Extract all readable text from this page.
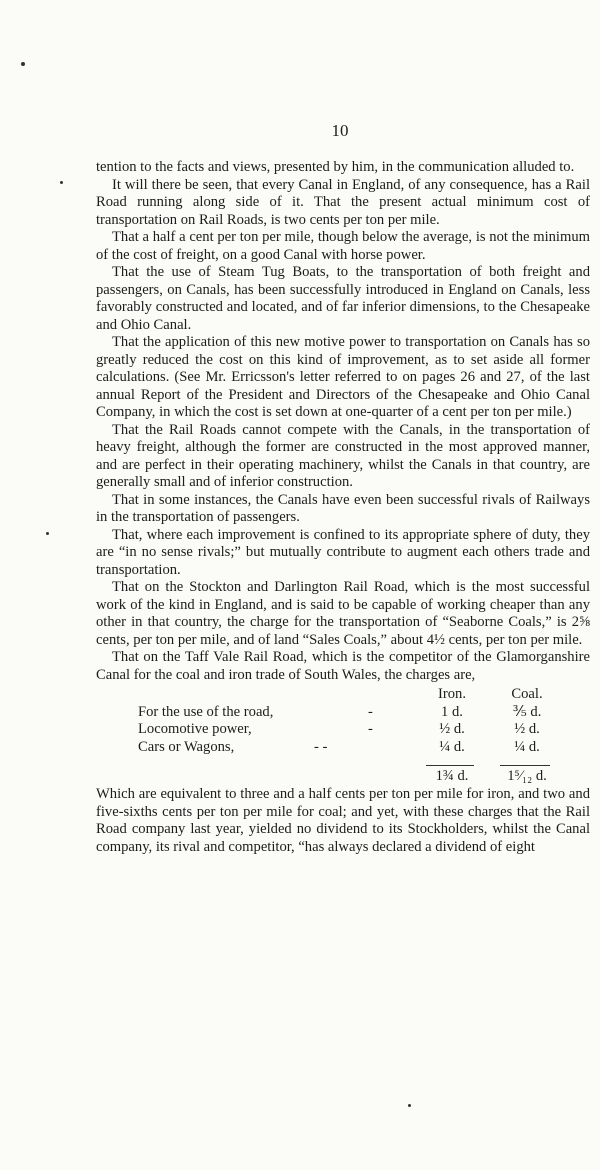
10

tention to the facts and views, presented by him, in the communication alluded to.

It will there be seen, that every Canal in England, of any consequence, has a Rail Road running along side of it. That the present actual minimum cost of transportation on Rail Roads, is two cents per ton per mile.

That a half a cent per ton per mile, though below the average, is not the minimum of the cost of freight, on a good Canal with horse power.

That the use of Steam Tug Boats, to the transportation of both freight and passengers, on Canals, has been successfully introduced in England on Canals, less favorably constructed and located, and of far inferior dimensions, to the Chesapeake and Ohio Canal.

That the application of this new motive power to transportation on Canals has so greatly reduced the cost on this kind of improvement, as to set aside all former calculations. (See Mr. Erricsson's letter referred to on pages 26 and 27, of the last annual Report of the President and Directors of the Chesapeake and Ohio Canal Company, in which the cost is set down at one-quarter of a cent per ton per mile.)

That the Rail Roads cannot compete with the Canals, in the transportation of heavy freight, although the former are constructed in the most approved manner, and are perfect in their operating machinery, whilst the Canals in that country, are generally small and of inferior construction.

That in some instances, the Canals have even been successful rivals of Railways in the transportation of passengers.

That, where each improvement is confined to its appropriate sphere of duty, they are “in no sense rivals;” but mutually contribute to augment each others trade and transportation.

That on the Stockton and Darlington Rail Road, which is the most successful work of the kind in England, and is said to be capable of working cheaper than any other in that country, the charge for the transportation of “Seaborne Coals,” is 2⅝ cents, per ton per mile, and of land “Sales Coals,” about 4½ cents, per ton per mile.

That on the Taff Vale Rail Road, which is the competitor of the Glamorganshire Canal for the coal and iron trade of South Wales, the charges are,

Iron.	Coal.
For the use of the road,	-	1 d.	⅗ d.
Locomotive power,	-	½ d.	½ d.
Cars or Wagons,	- -	¼ d.	¼ d.
1¾ d.	1⁵⁄₁₂ d.

Which are equivalent to three and a half cents per ton per mile for iron, and two and five-sixths cents per ton per mile for coal; and yet, with these charges that the Rail Road company last year, yielded no dividend to its Stockholders, whilst the Canal company, its rival and competitor, “has always declared a dividend of eight
